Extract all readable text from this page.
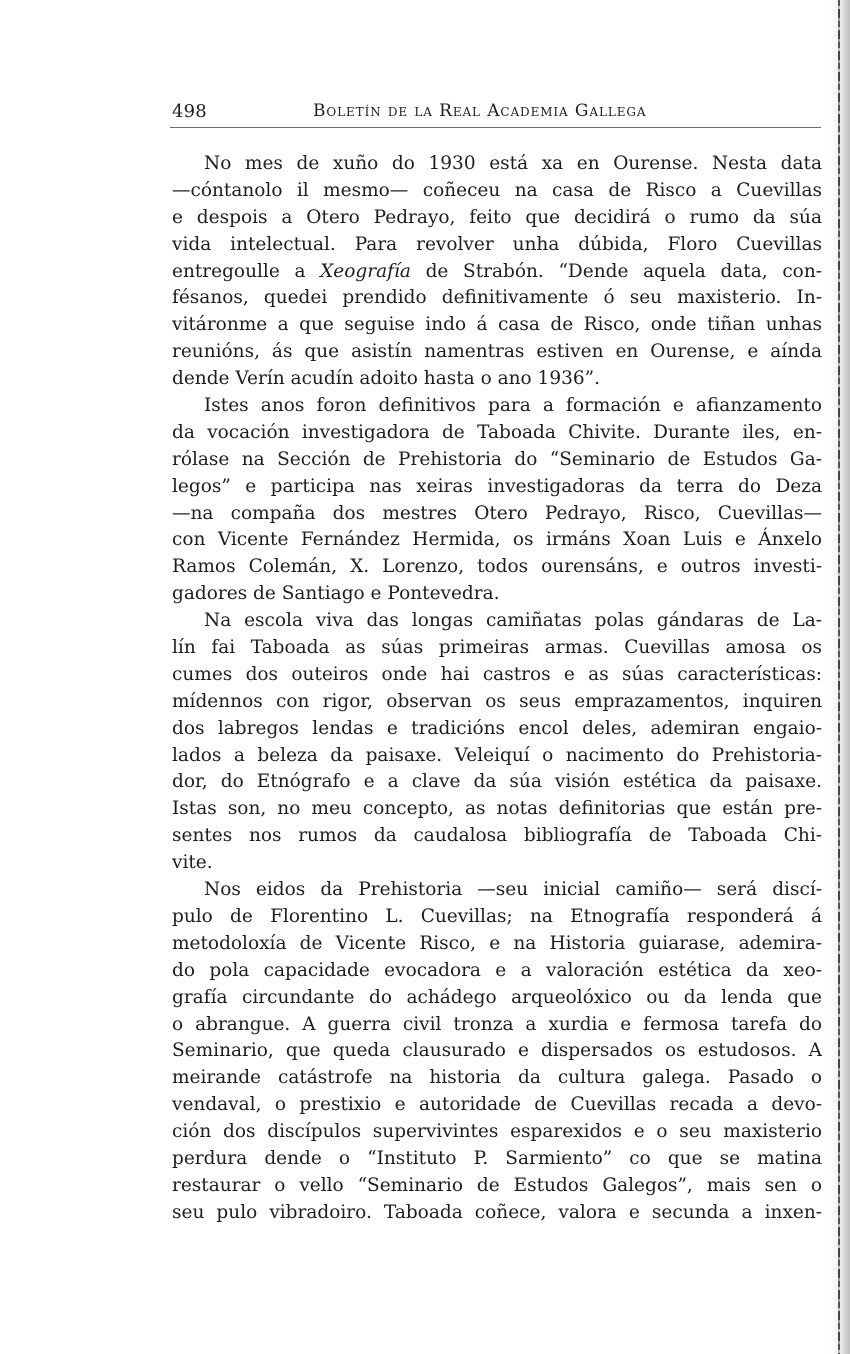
498	Boletín de la Real Academia Gallega
No mes de xuño do 1930 está xa en Ourense. Nesta data
—cóntanolo il mesmo— coñeceu na casa de Risco a Cuevillas
e despois a Otero Pedrayo, feito que decidirá o rumo da súa
vida intelectual. Para revolver unha dúbida, Floro Cuevillas
entregoulle a Xeografía de Strabón. “Dende aquela data, con-
fésanos, quedei prendido definitivamente ó seu maxisterio. In-
vitáronme a que seguise indo á casa de Risco, onde tiñan unhas
reunións, ás que asistín namentras estiven en Ourense, e aínda
dende Verín acudín adoito hasta o ano 1936”.
Istes anos foron definitivos para a formación e afianzamento
da vocación investigadora de Taboada Chivite. Durante iles, en-
rólase na Sección de Prehistoria do “Seminario de Estudos Ga-
legos” e participa nas xeiras investigadoras da terra do Deza
—na compaña dos mestres Otero Pedrayo, Risco, Cuevillas—
con Vicente Fernández Hermida, os irmáns Xoan Luis e Ánxelo
Ramos Colemán, X. Lorenzo, todos ourensáns, e outros investi-
gadores de Santiago e Pontevedra.
Na escola viva das longas camiñatas polas gándaras de La-
lín fai Taboada as súas primeiras armas. Cuevillas amosa os
cumes dos outeiros onde hai castros e as súas características:
mídennos con rigor, observan os seus emprazamentos, inquiren
dos labregos lendas e tradicións encol deles, ademiran engaio-
lados a beleza da paisaxe. Veleiquí o nacimento do Prehistoria-
dor, do Etnógrafo e a clave da súa visión estética da paisaxe.
Istas son, no meu concepto, as notas definitorias que están pre-
sentes nos rumos da caudalosa bibliografía de Taboada Chi-
vite.
Nos eidos da Prehistoria —seu inicial camiño— será discí-
pulo de Florentino L. Cuevillas; na Etnografía responderá á
metodoloxía de Vicente Risco, e na Historia guiarase, ademira-
do pola capacidade evocadora e a valoración estética da xeo-
grafía circundante do achádego arqueolóxico ou da lenda que
o abrangue. A guerra civil tronza a xurdia e fermosa tarefa do
Seminario, que queda clausurado e dispersados os estudosos. A
meirande catástrofe na historia da cultura galega. Pasado o
vendaval, o prestixio e autoridade de Cuevillas recada a devo-
ción dos discípulos supervivintes esparexidos e o seu maxisterio
perdura dende o “Instituto P. Sarmiento” co que se matina
restaurar o vello “Seminario de Estudos Galegos”, mais sen o
seu pulo vibradoiro. Taboada coñece, valora e secunda a inxen-
